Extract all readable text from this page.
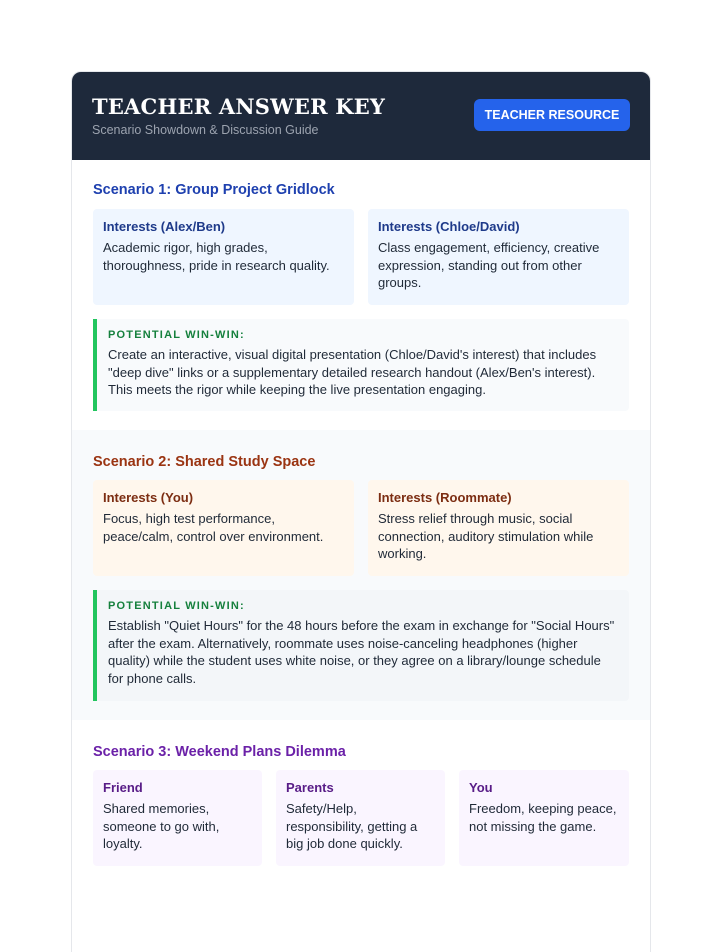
TEACHER ANSWER KEY
Scenario Showdown & Discussion Guide
TEACHER RESOURCE
Scenario 1: Group Project Gridlock
Interests (Alex/Ben)
Academic rigor, high grades, thoroughness, pride in research quality.
Interests (Chloe/David)
Class engagement, efficiency, creative expression, standing out from other groups.
POTENTIAL WIN-WIN:
Create an interactive, visual digital presentation (Chloe/David's interest) that includes "deep dive" links or a supplementary detailed research handout (Alex/Ben's interest). This meets the rigor while keeping the live presentation engaging.
Scenario 2: Shared Study Space
Interests (You)
Focus, high test performance, peace/calm, control over environment.
Interests (Roommate)
Stress relief through music, social connection, auditory stimulation while working.
POTENTIAL WIN-WIN:
Establish "Quiet Hours" for the 48 hours before the exam in exchange for "Social Hours" after the exam. Alternatively, roommate uses noise-canceling headphones (higher quality) while the student uses white noise, or they agree on a library/lounge schedule for phone calls.
Scenario 3: Weekend Plans Dilemma
Friend
Shared memories, someone to go with, loyalty.
Parents
Safety/Help, responsibility, getting a big job done quickly.
You
Freedom, keeping peace, not missing the game.
